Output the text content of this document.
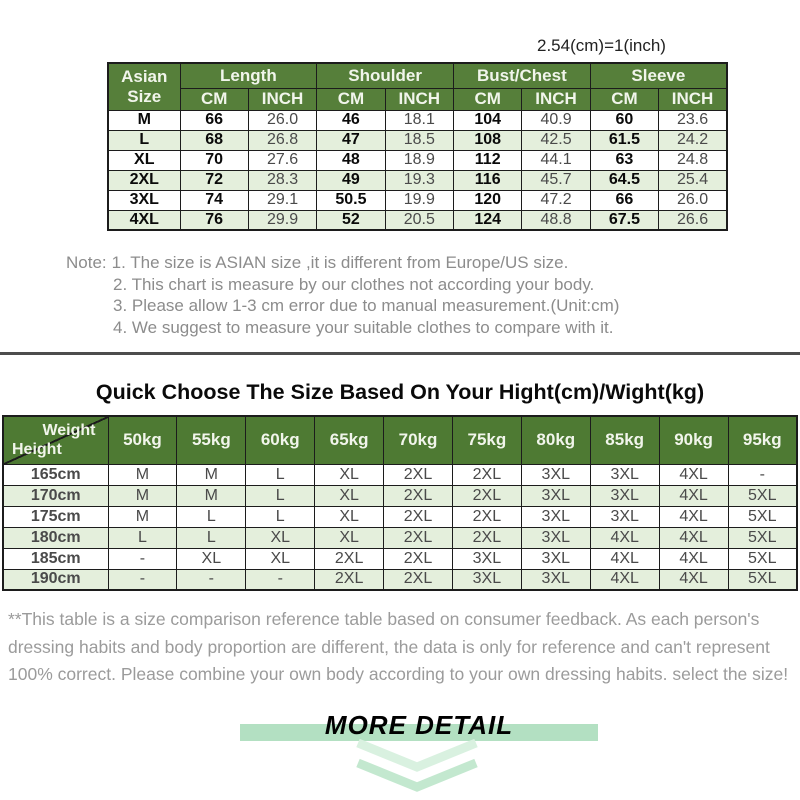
2.54(cm)=1(inch)
Asian Size	Length		Shoulder		Bust/Chest		Sleeve	
	CM	INCH	CM	INCH	CM	INCH	CM	INCH
M	66	26.0	46	18.1	104	40.9	60	23.6
L	68	26.8	47	18.5	108	42.5	61.5	24.2
XL	70	27.6	48	18.9	112	44.1	63	24.8
2XL	72	28.3	49	19.3	116	45.7	64.5	25.4
3XL	74	29.1	50.5	19.9	120	47.2	66	26.0
4XL	76	29.9	52	20.5	124	48.8	67.5	26.6
Note: 1. The size is ASIAN size ,it is different from Europe/US size.
2. This chart is measure by our clothes not according your body.
3. Please allow 1-3 cm error due to manual measurement.(Unit:cm)
4. We suggest to measure your suitable clothes to compare with it.
Quick Choose The Size Based On Your Hight(cm)/Wight(kg)
Weight
Height	50kg	55kg	60kg	65kg	70kg	75kg	80kg	85kg	90kg	95kg
165cm	M	M	L	XL	2XL	2XL	3XL	3XL	4XL	-
170cm	M	M	L	XL	2XL	2XL	3XL	3XL	4XL	5XL
175cm	M	L	L	XL	2XL	2XL	3XL	3XL	4XL	5XL
180cm	L	L	XL	XL	2XL	2XL	3XL	4XL	4XL	5XL
185cm	-	XL	XL	2XL	2XL	3XL	3XL	4XL	4XL	5XL
190cm	-	-	-	2XL	2XL	3XL	3XL	4XL	4XL	5XL
**This table is a size comparison reference table based on consumer feedback. As each person's dressing habits and body proportion are different, the data is only for reference and can't represent 100% correct. Please combine your own body according to your own dressing habits. select the size!
MORE DETAIL
